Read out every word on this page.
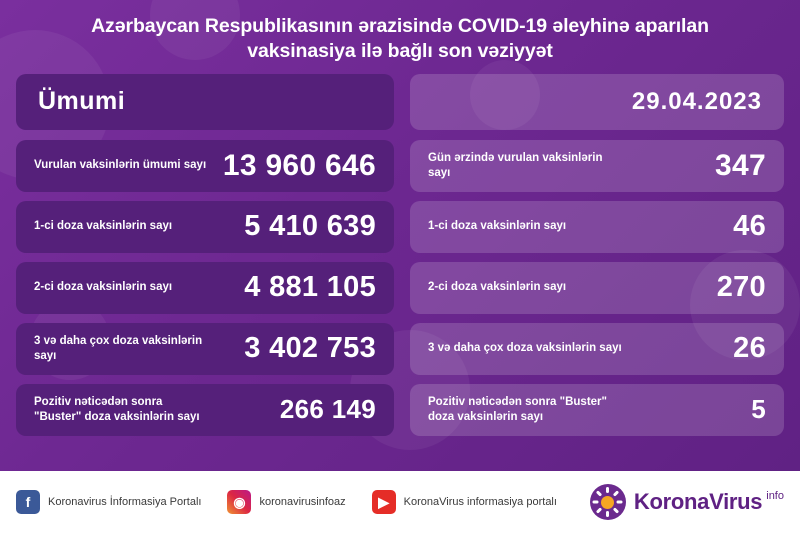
Azərbaycan Respublikasının ərazisində COVID-19 əleyhinə aparılan vaksinasiya ilə bağlı son vəziyyət
Ümumi
Vurulan vaksinlərin ümumi sayı 13 960 646
1-ci doza vaksinlərin sayı 5 410 639
2-ci doza vaksinlərin sayı 4 881 105
3 və daha çox doza vaksinlərin sayı	3 402 753
Pozitiv nəticədən sonra "Buster" doza vaksinlərin sayı	266 149
29.04.2023
Gün ərzində vurulan vaksinlərin sayı	347
1-ci doza vaksinlərin sayı	46
2-ci doza vaksinlərin sayı	270
3 və daha çox doza vaksinlərin sayı	26
Pozitiv nəticədən sonra "Buster" doza vaksinlərin sayı	5
f	Koronavirus İnformasiya Portalı	◉	koronavirusinfoaz	▶	KoronaVirus informasiya portalı	KoronaVirus info
